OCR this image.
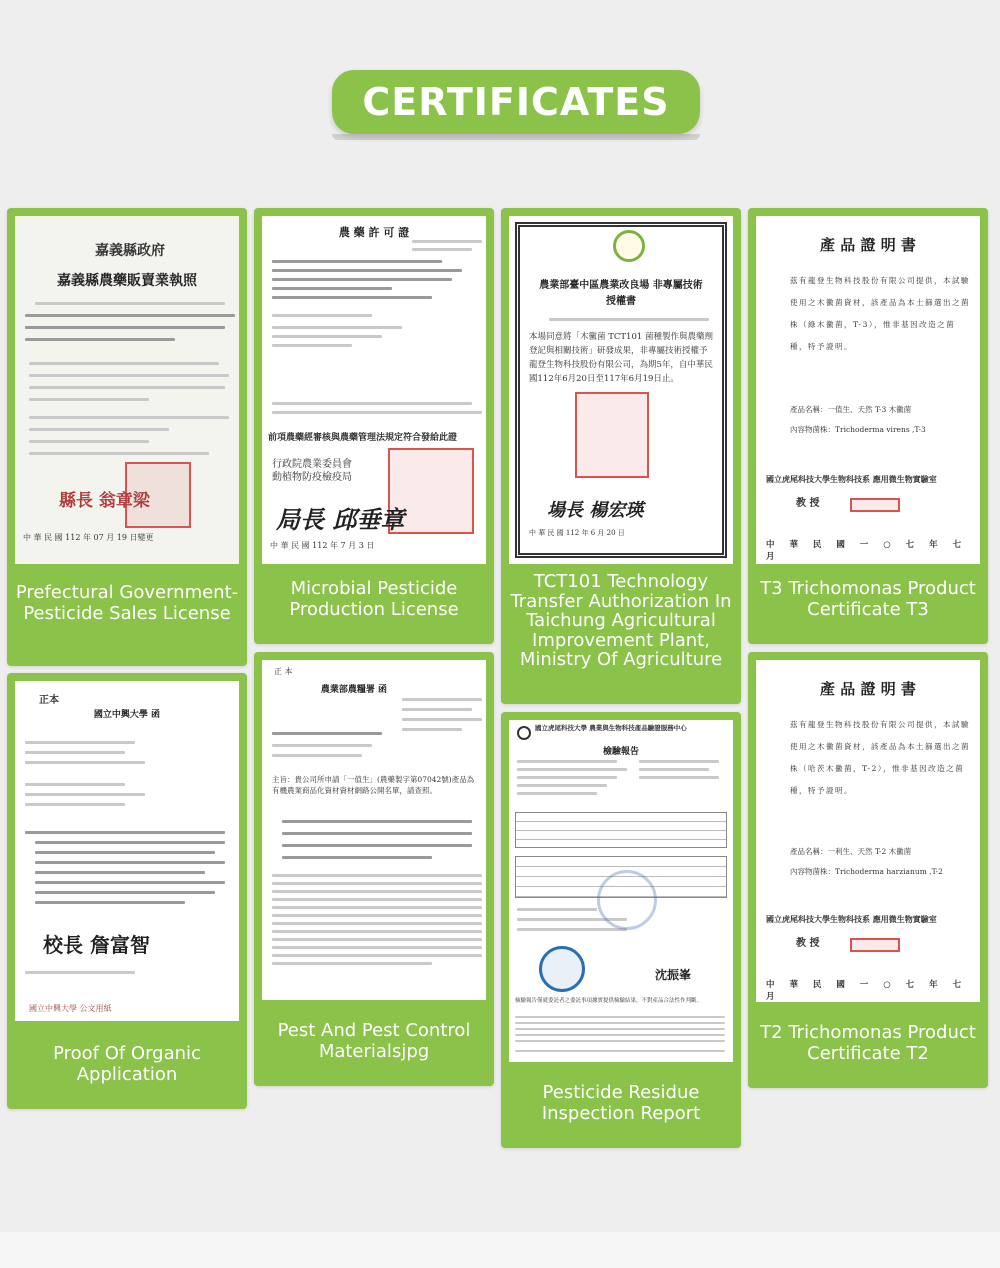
CERTIFICATES
嘉義縣政府
嘉義縣農藥販賣業執照
縣長 翁章梁
中 華 民 國 112 年 07 月 19 日變更
Prefectural Government-Pesticide Sales License
農 藥 許 可 證
前項農藥經審核與農藥管理法規定符合發給此證
行政院農業委員會 動植物防疫檢疫局
局長 邱垂章
中 華 民 國 112 年 7 月 3 日
Microbial Pesticide Production License
農業部臺中區農業改良場 非專屬技術授權書
本場同意將「木黴菌 TCT101 菌種製作與農藥劑登記與相關技術」研發成果，非專屬技術授權予龍登生物科技股份有限公司，為期5年，自中華民國112年6月20日至117年6月19日止。
場長 楊宏瑛
中 華 民 國 112 年 6 月 20 日
TCT101 Technology Transfer Authorization In Taichung Agricultural Improvement Plant, Ministry Of Agriculture
產 品 證 明 書
茲有龍登生物科技股份有限公司提供，本試驗使用之木黴菌資材，該產品為本土篩選出之菌株（綠木黴菌，T-3），惟非基因改造之菌種，特予證明。
產品名稱：一值生、天然 T-3 木黴菌
內容物菌株：Trichoderma virens ,T-3
國立虎尾科技大學生物科技系 應用微生物實驗室
教 授
中 華 民 國 一 ○ 七 年 七 月
T3 Trichomonas Product Certificate T3
正本
國立中興大學 函
校長 詹富智
國立中興大學 公文用紙
Proof Of Organic Application
正 本
農業部農糧署 函
主旨：貴公司所申請「一值生」(農藥製字第07042號)產品為有機農業商品化資材資材網路公開名單，請查照。
Pest And Pest Control Materialsjpg
國立虎尾科技大學 農業與生物科技產品驗證服務中心
檢驗報告
沈振峯
檢驗報告僅就委託者之委託事項據實提供檢驗結果，不對產品合法性作判斷。
Pesticide Residue Inspection Report
產 品 證 明 書
茲有龍登生物科技股份有限公司提供，本試驗使用之木黴菌資材，該產品為本土篩選出之菌株（哈茨木黴菌，T-2），惟非基因改造之菌種，特予證明。
產品名稱：一利生、天然 T-2 木黴菌
內容物菌株：Trichoderma harzianum ,T-2
國立虎尾科技大學生物科技系 應用微生物實驗室
教 授
中 華 民 國 一 ○ 七 年 七 月
T2 Trichomonas Product Certificate T2
